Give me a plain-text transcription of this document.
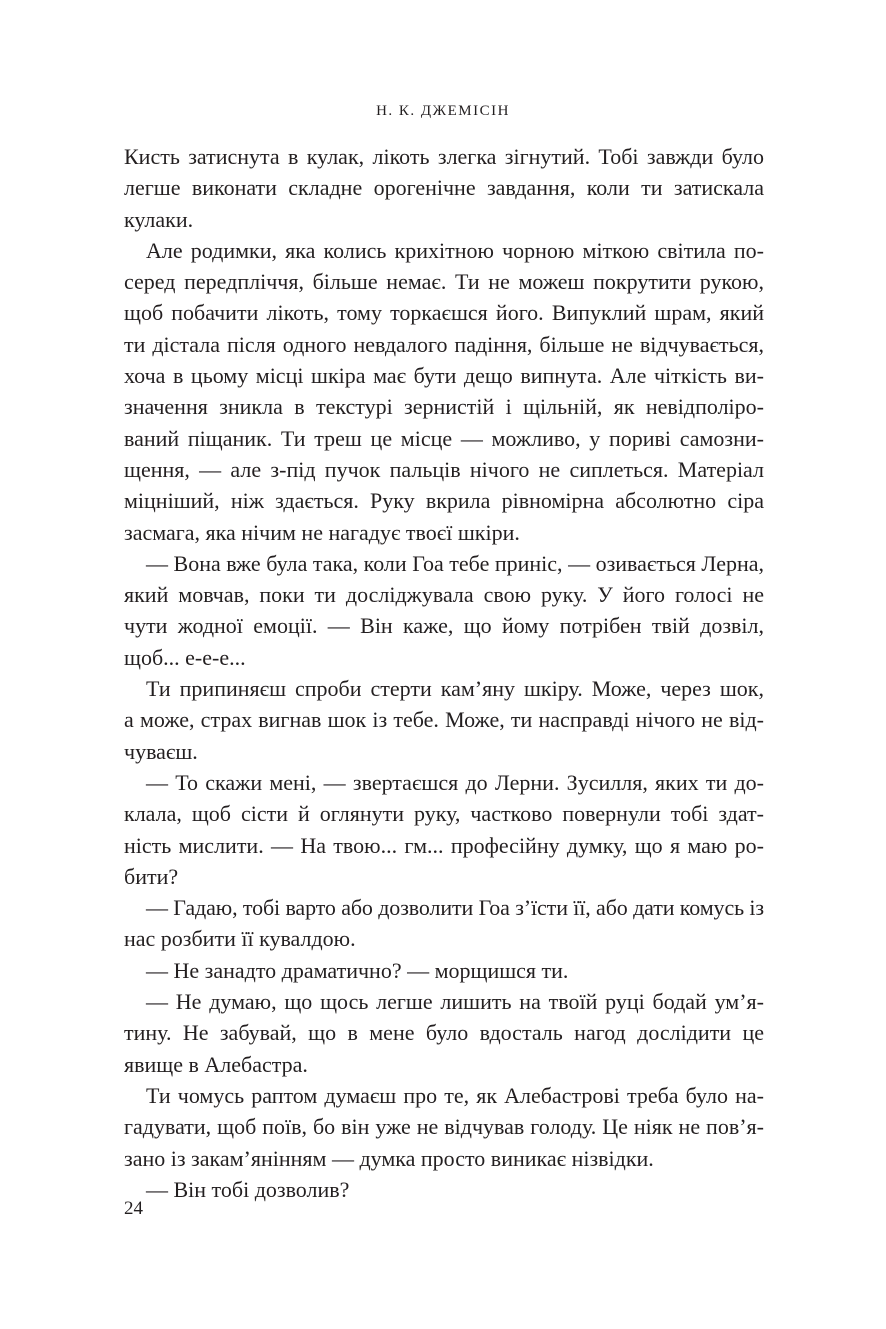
Н. К. ДЖЕМІСІН
Кисть затиснута в кулак, лікоть злегка зігнутий. Тобі завжди було
легше виконати складне орогенічне завдання, коли ти затискала
кулаки.
Але родимки, яка колись крихітною чорною міткою світила по-
серед передпліччя, більше немає. Ти не можеш покрутити рукою,
щоб побачити лікоть, тому торкаєшся його. Випуклий шрам, який
ти дістала після одного невдалого падіння, більше не відчувається,
хоча в цьому місці шкіра має бути дещо випнута. Але чіткість ви-
значення зникла в текстурі зернистій і щільній, як невідполіро-
ваний піщаник. Ти треш це місце — можливо, у пориві самозни-
щення, — але з-під пучок пальців нічого не сиплеться. Матеріал
міцніший, ніж здається. Руку вкрила рівномірна абсолютно сіра
засмага, яка нічим не нагадує твоєї шкіри.
— Вона вже була така, коли Гоа тебе приніс, — озивається Лерна,
який мовчав, поки ти досліджувала свою руку. У його голосі не
чути жодної емоції. — Він каже, що йому потрібен твій дозвіл,
щоб... е-е-е...
Ти припиняєш спроби стерти кам’яну шкіру. Може, через шок,
а може, страх вигнав шок із тебе. Може, ти насправді нічого не від-
чуваєш.
— То скажи мені, — звертаєшся до Лерни. Зусилля, яких ти до-
клала, щоб сісти й оглянути руку, частково повернули тобі здат-
ність мислити. — На твою... гм... професійну думку, що я маю ро-
бити?
— Гадаю, тобі варто або дозволити Гоа з’їсти її, або дати комусь із
нас розбити її кувалдою.
— Не занадто драматично? — морщишся ти.
— Не думаю, що щось легше лишить на твоїй руці бодай ум’я-
тину. Не забувай, що в мене було вдосталь нагод дослідити це
явище в Алебастра.
Ти чомусь раптом думаєш про те, як Алебастрові треба було на-
гадувати, щоб поїв, бо він уже не відчував голоду. Це ніяк не пов’я-
зано із закам’янінням — думка просто виникає нізвідки.
— Він тобі дозволив?
24
